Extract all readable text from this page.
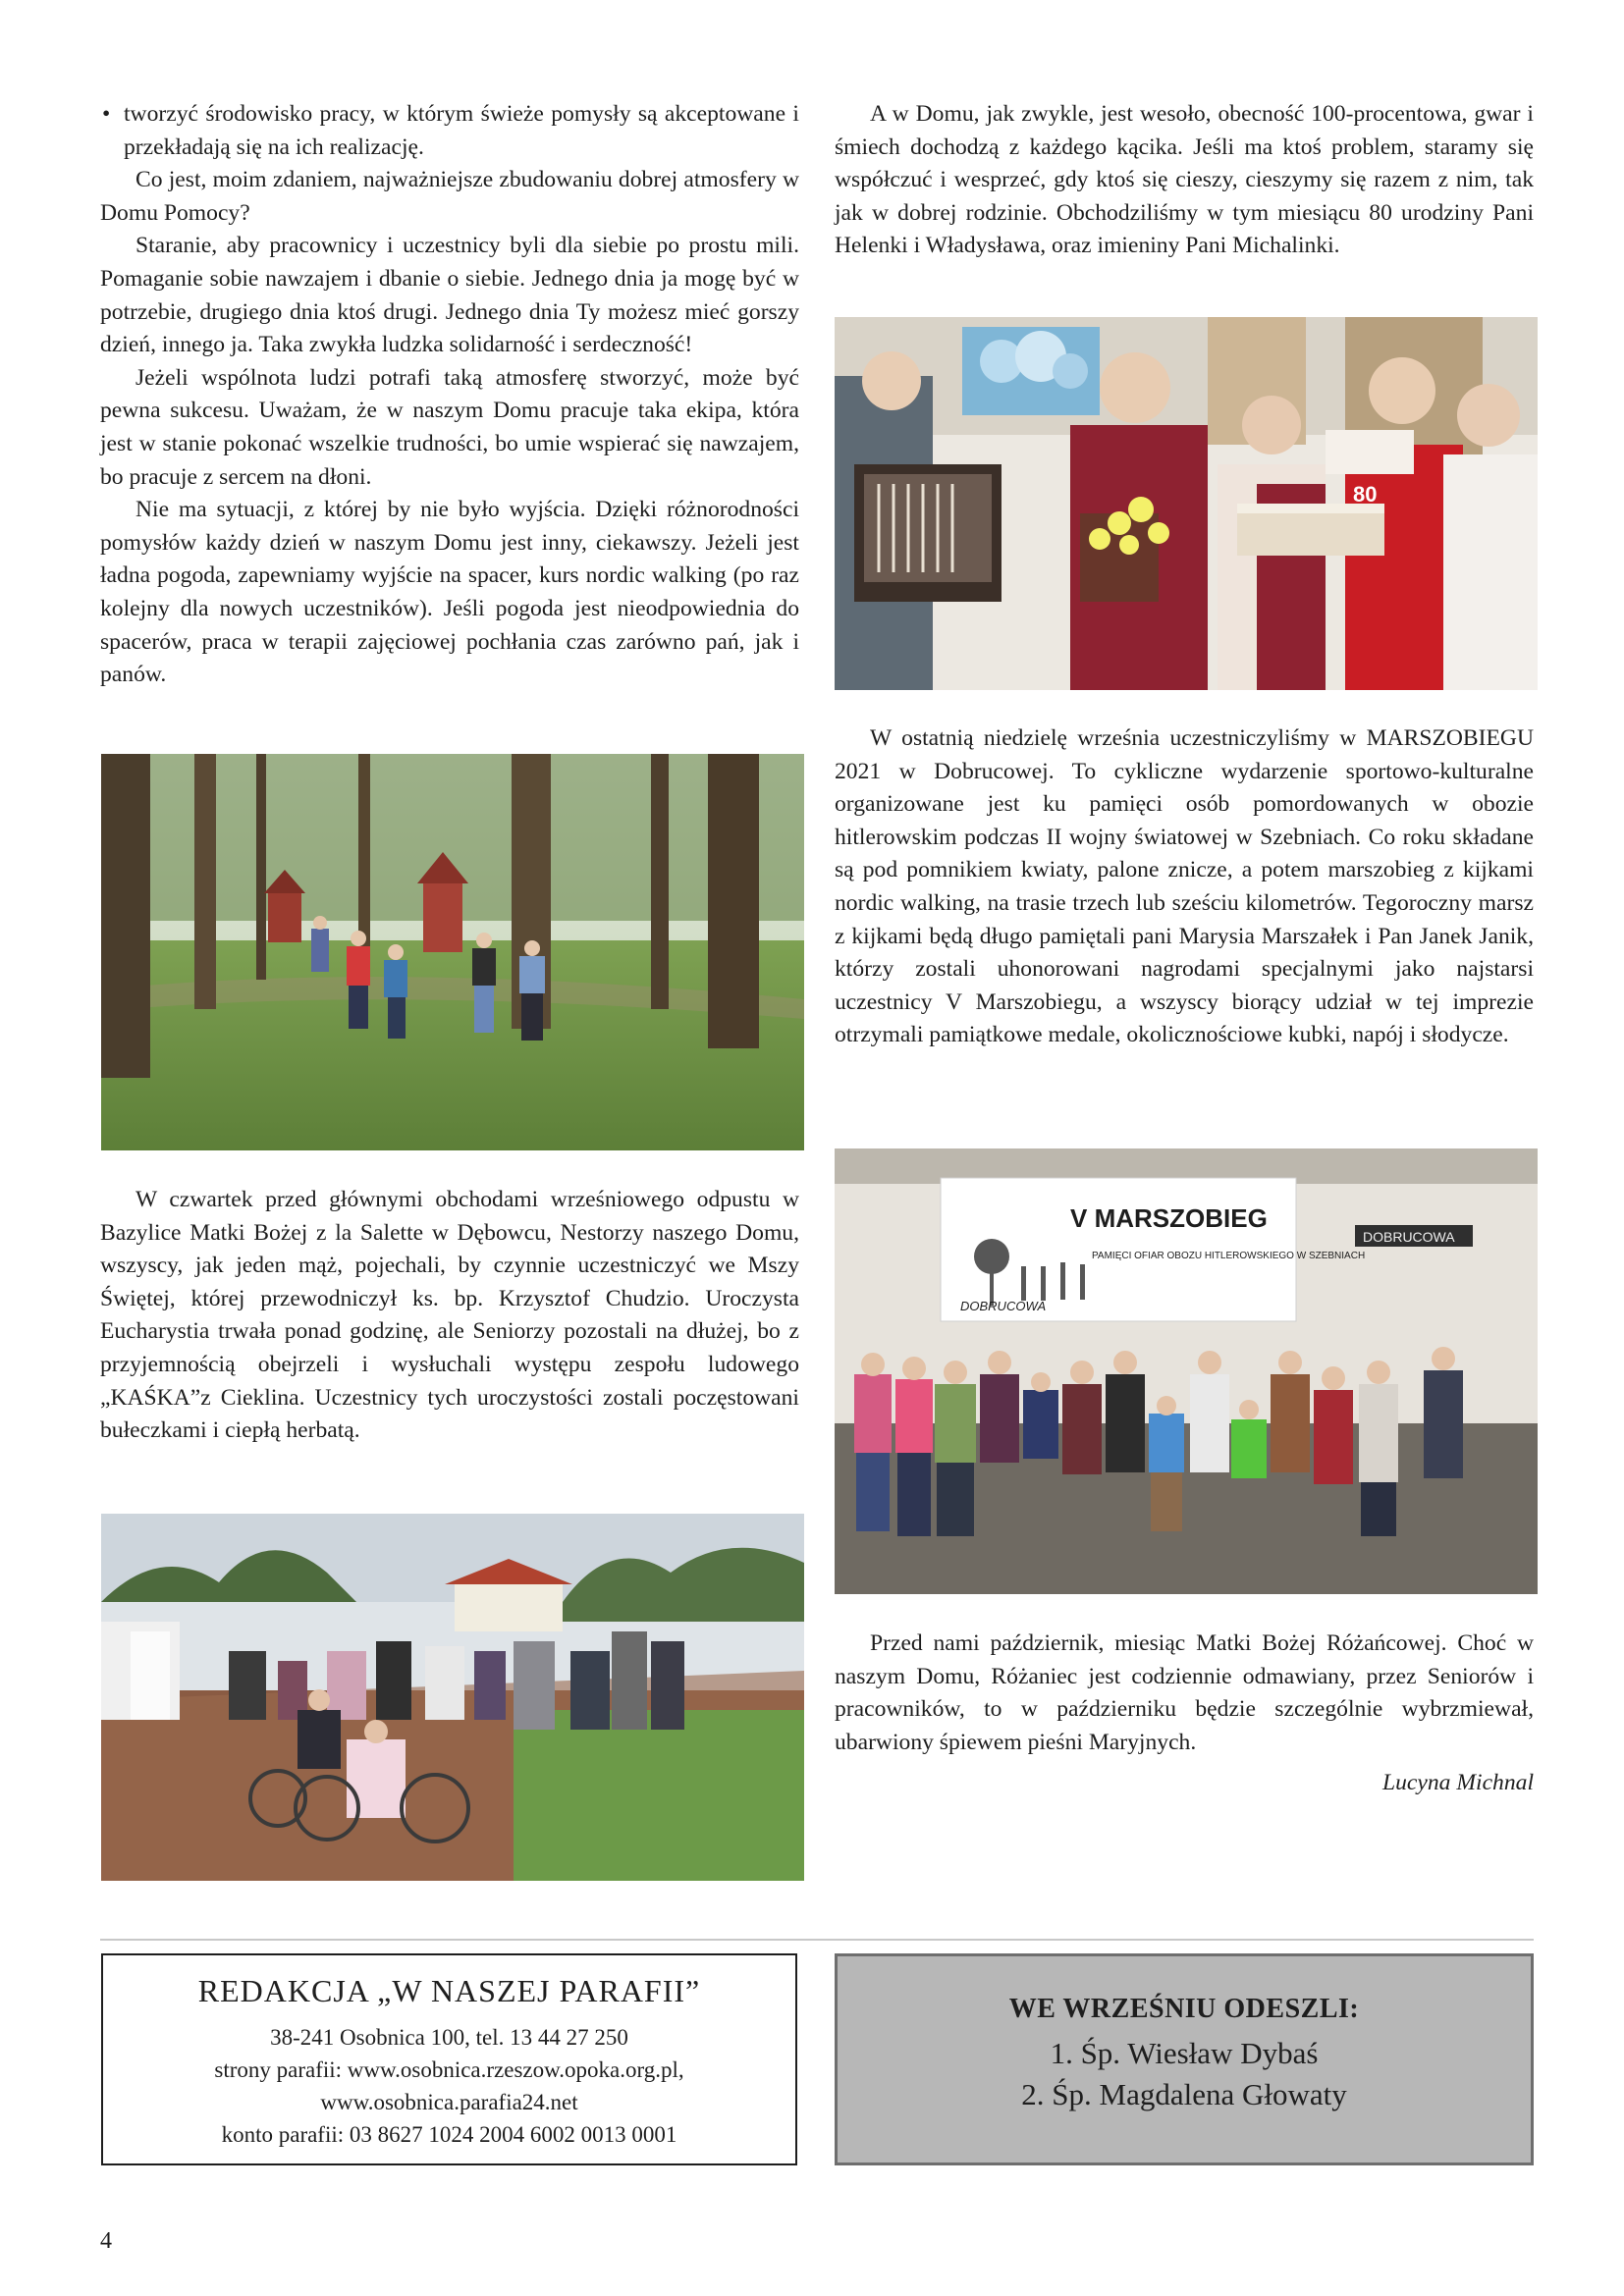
• tworzyć środowisko pracy, w którym świeże pomysły są akceptowane i przekładają się na ich realizację.

Co jest, moim zdaniem, najważniejsze zbudowaniu dobrej atmosfery w Domu Pomocy?

Staranie, aby pracownicy i uczestnicy byli dla siebie po prostu mili. Pomaganie sobie nawzajem i dbanie o siebie. Jednego dnia ja mogę być w potrzebie, drugiego dnia ktoś drugi. Jednego dnia Ty możesz mieć gorszy dzień, innego ja. Taka zwykła ludzka solidarność i serdeczność!

Jeżeli wspólnota ludzi potrafi taką atmosferę stworzyć, może być pewna sukcesu. Uważam, że w naszym Domu pracuje taka ekipa, która jest w stanie pokonać wszelkie trudności, bo umie wspierać się nawzajem, bo pracuje z sercem na dłoni.

Nie ma sytuacji, z której by nie było wyjścia. Dzięki różnorodności pomysłów każdy dzień w naszym Domu jest inny, ciekawszy. Jeżeli jest ładna pogoda, zapewniamy wyjście na spacer, kurs nordic walking (po raz kolejny dla nowych uczestników). Jeśli pogoda jest nieodpowiednia do spacerów, praca w terapii zajęciowej pochłania czas zarówno pań, jak i panów.

W czwartek przed głównymi obchodami wrześniowego odpustu w Bazylice Matki Bożej z la Salette w Dębowcu, Nestorzy naszego Domu, wszyscy, jak jeden mąż, pojechali, by czynnie uczestniczyć we Mszy Świętej, której przewodniczył ks. bp. Krzysztof Chudzio. Uroczysta Eucharystia trwała ponad godzinę, ale Seniorzy pozostali na dłużej, bo z przyjemnością obejrzeli i wysłuchali występu zespołu ludowego „KAŚKA”z Cieklina. Uczestnicy tych uroczystości zostali poczęstowani bułeczkami i ciepłą herbatą.

A w Domu, jak zwykle, jest wesoło, obecność 100-procentowa, gwar i śmiech dochodzą z każdego kącika. Jeśli ma ktoś problem, staramy się współczuć i wesprzeć, gdy ktoś się cieszy, cieszymy się razem z nim, tak jak w dobrej rodzinie. Obchodziliśmy w tym miesiącu 80 urodziny Pani Helenki i Władysława, oraz imieniny Pani Michalinki.

80

W ostatnią niedzielę września uczestniczyliśmy w MARSZOBIEGU 2021 w Dobrucowej. To cykliczne wydarzenie sportowo-kulturalne organizowane jest ku pamięci osób pomordowanych w obozie hitlerowskim podczas II wojny światowej w Szebniach. Co roku składane są pod pomnikiem kwiaty, palone znicze, a potem marszobieg z kijkami nordic walking, na trasie trzech lub sześciu kilometrów. Tegoroczny marsz z kijkami będą długo pamiętali pani Marysia Marszałek i Pan Janek Janik, którzy zostali uhonorowani nagrodami specjalnymi jako najstarsi uczestnicy V Marszobiegu, a wszyscy biorący udział w tej imprezie otrzymali pamiątkowe medale, okolicznościowe kubki, napój i słodycze.

V MARSZOBIEG
PAMIĘCI OFIAR OBOZU HITLEROWSKIEGO W SZEBNIACH
DOBRUCOWA
DOBRUCOWA

Przed nami październik, miesiąc Matki Bożej Różańcowej. Choć w naszym Domu, Różaniec jest codziennie odmawiany, przez Seniorów i pracowników, to w październiku będzie szczególnie wybrzmiewał, ubarwiony śpiewem pieśni Maryjnych.

Lucyna Michnal

REDAKCJA „W NASZEJ PARAFII”
38-241 Osobnica 100, tel. 13 44 27 250
strony parafii: www.osobnica.rzeszow.opoka.org.pl,
www.osobnica.parafia24.net
konto parafii: 03 8627 1024 2004 6002 0013 0001
WE WRZEŚNIU ODESZLI:
1. Śp. Wiesław Dybaś
2. Śp. Magdalena Głowaty
4
